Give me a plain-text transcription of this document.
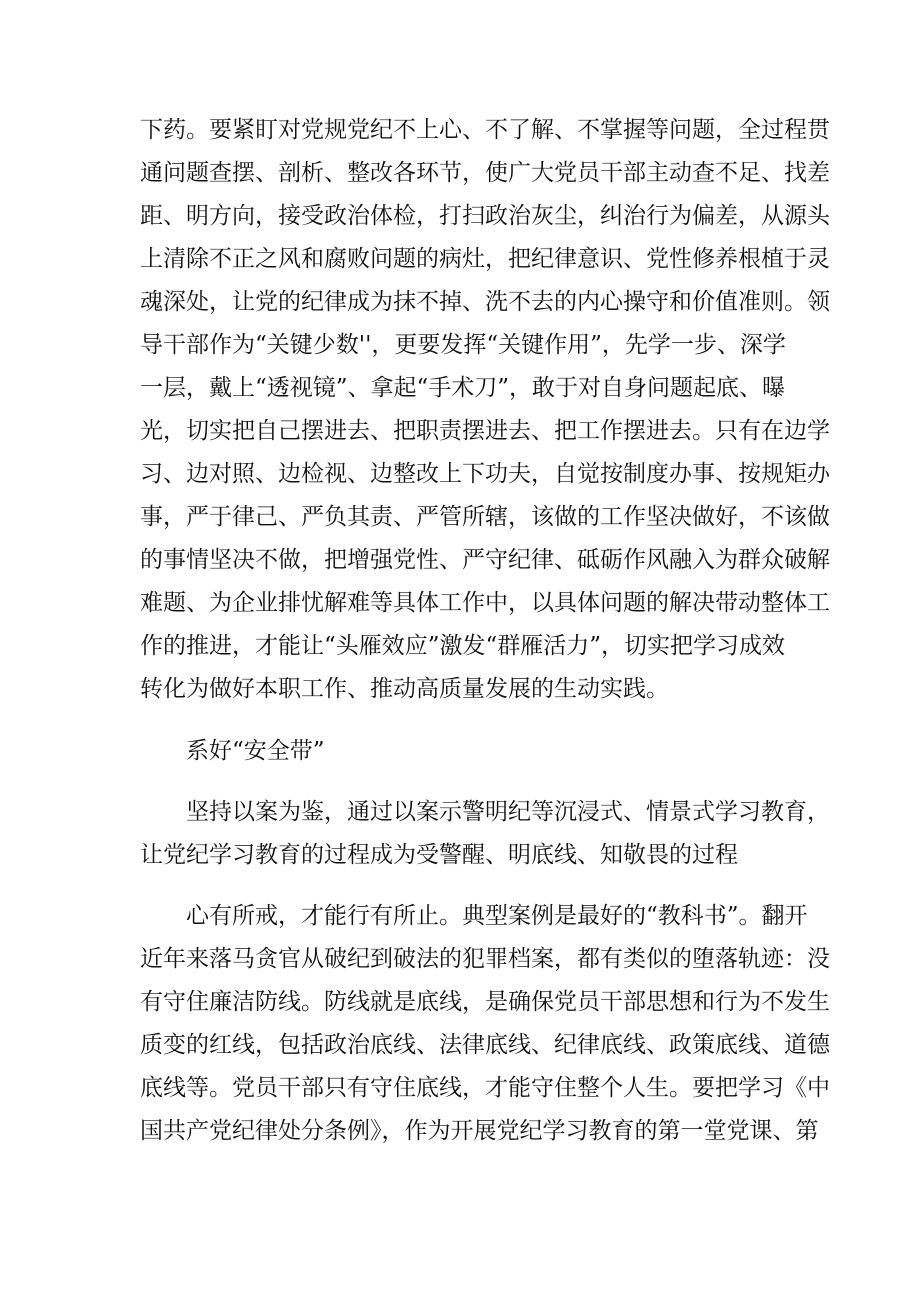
下药。要紧盯对党规党纪不上心、不了解、不掌握等问题，全过程贯

通问题查摆、剖析、整改各环节，使广大党员干部主动查不足、找差

距、明方向，接受政治体检，打扫政治灰尘，纠治行为偏差，从源头

上清除不正之风和腐败问题的病灶，把纪律意识、党性修养根植于灵

魂深处，让党的纪律成为抹不掉、洗不去的内心操守和价值准则。领

导干部作为“关键少数''，更要发挥“关键作用”，先学一步、深学

一层，戴上“透视镜”、拿起“手术刀”，敢于对自身问题起底、曝

光，切实把自己摆进去、把职责摆进去、把工作摆进去。只有在边学

习、边对照、边检视、边整改上下功夫，自觉按制度办事、按规矩办

事，严于律己、严负其责、严管所辖，该做的工作坚决做好，不该做

的事情坚决不做，把增强党性、严守纪律、砥砺作风融入为群众破解

难题、为企业排忧解难等具体工作中，以具体问题的解决带动整体工

作的推进，才能让“头雁效应”激发“群雁活力”，切实把学习成效

转化为做好本职工作、推动高质量发展的生动实践。

系好“安全带”

坚持以案为鉴，通过以案示警明纪等沉浸式、情景式学习教育，

让党纪学习教育的过程成为受警醒、明底线、知敬畏的过程

心有所戒，才能行有所止。典型案例是最好的“教科书”。翻开

近年来落马贪官从破纪到破法的犯罪档案，都有类似的堕落轨迹：没

有守住廉洁防线。防线就是底线，是确保党员干部思想和行为不发生

质变的红线，包括政治底线、法律底线、纪律底线、政策底线、道德

底线等。党员干部只有守住底线，才能守住整个人生。要把学习《中

国共产党纪律处分条例》，作为开展党纪学习教育的第一堂党课、第
